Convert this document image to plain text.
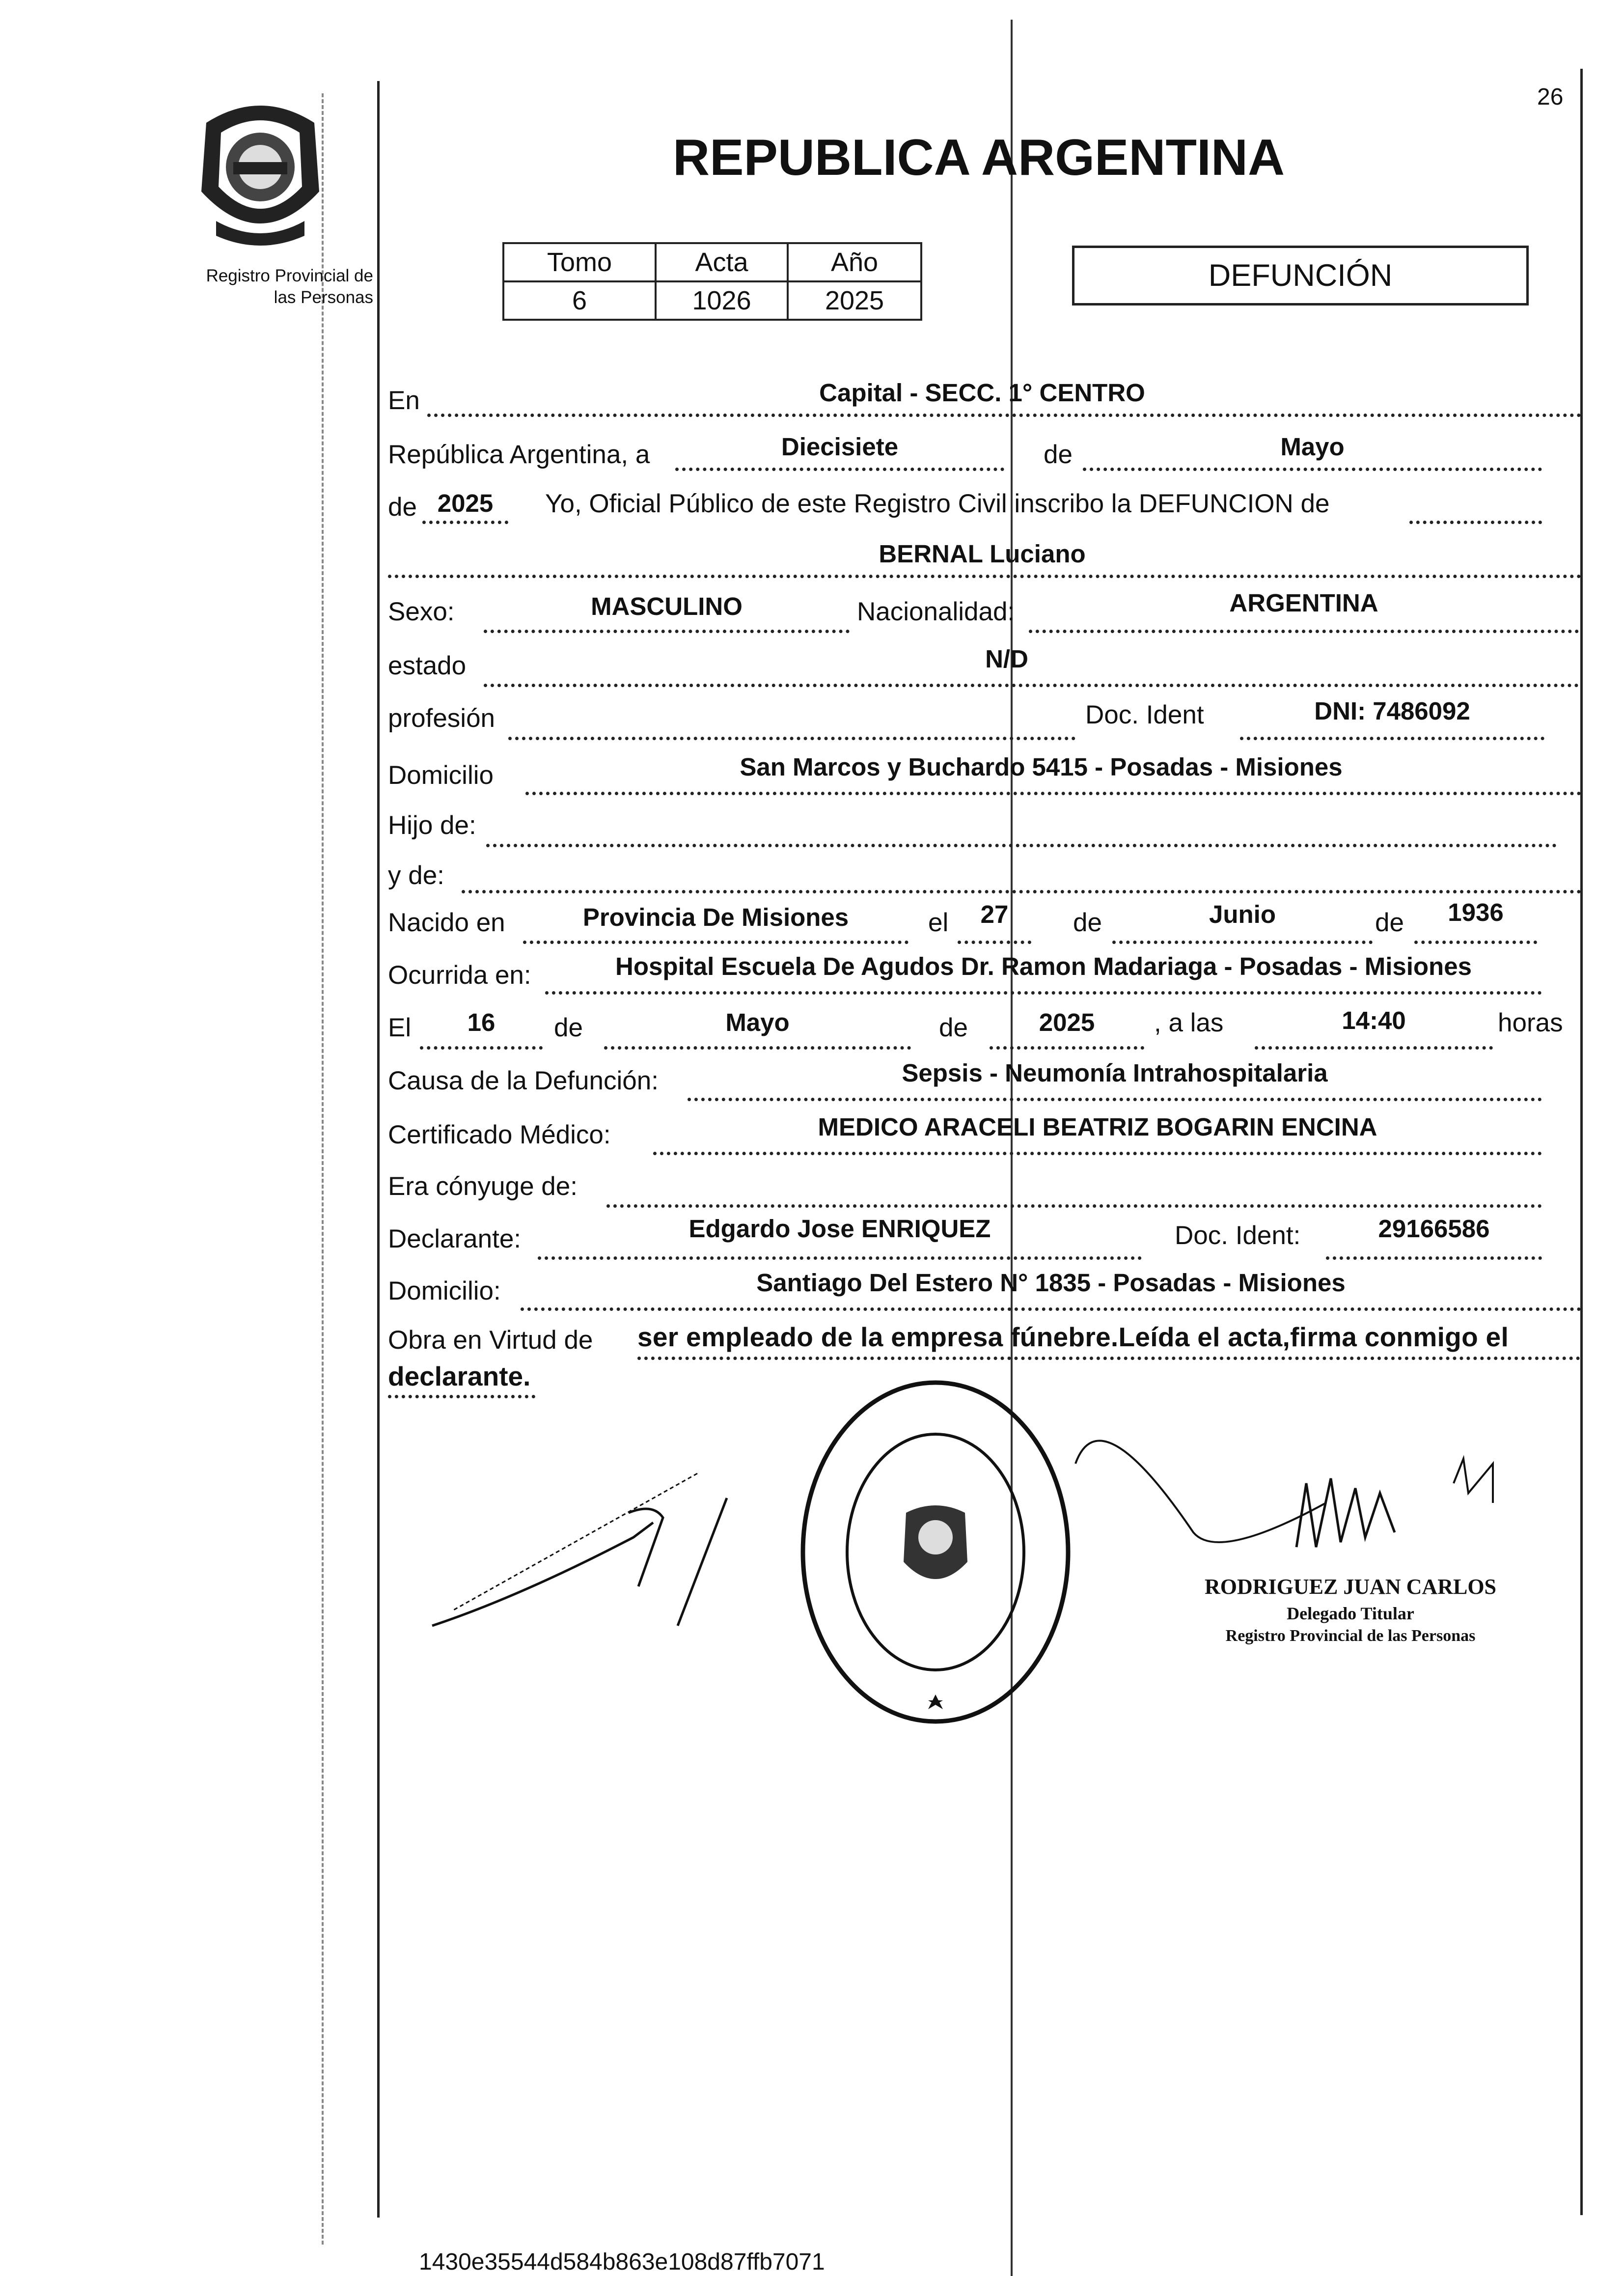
26
Registro Provincial de
las Personas
REPUBLICA ARGENTINA
Tomo	Acta	Año
6	1026	2025
DEFUNCIÓN
En	Capital - SECC. 1° CENTRO
República Argentina, a	Diecisiete	de	Mayo
de 2025	Yo, Oficial Público de este Registro Civil inscribo la DEFUNCION de
BERNAL Luciano
Sexo:	MASCULINO	Nacionalidad:	ARGENTINA
estado	N/D
profesión	Doc. Ident	DNI: 7486092
Domicilio	San Marcos y Buchardo 5415 - Posadas - Misiones
Hijo de:
y de:
Nacido en	Provincia De Misiones	el	27	de	Junio	de	1936
Ocurrida en:	Hospital Escuela De Agudos Dr. Ramon Madariaga - Posadas - Misiones
El	16	de	Mayo	de	2025	, a las	14:40	horas
Causa de la Defunción:	Sepsis - Neumonía Intrahospitalaria
Certificado Médico:	MEDICO ARACELI BEATRIZ BOGARIN ENCINA
Era cónyuge de:
Declarante:	Edgardo Jose ENRIQUEZ	Doc. Ident:	29166586
Domicilio:	Santiago Del Estero N° 1835 - Posadas - Misiones
Obra en Virtud de ser empleado de la empresa fúnebre.Leída el acta,firma conmigo el
declarante.
RODRIGUEZ JUAN CARLOS
Delegado Titular
Registro Provincial de las Personas
1430e35544d584b863e108d87ffb7071
